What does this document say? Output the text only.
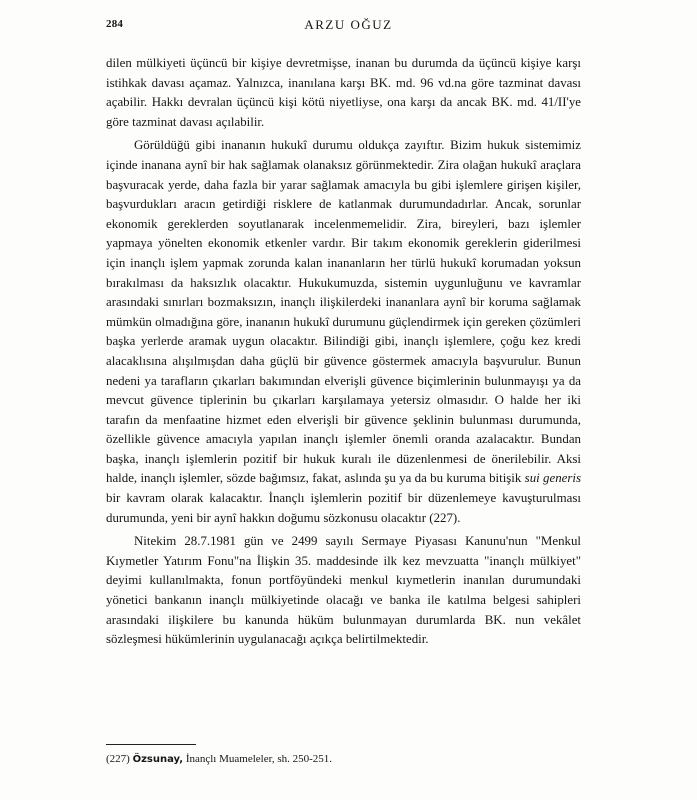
284	ARZU OĞUZ

dilen mülkiyeti üçüncü bir kişiye devretmişse, inanan bu durumda da üçüncü kişiye karşı istihkak davası açamaz. Yalnızca, inanılana karşı BK. md. 96 vd.na göre tazminat davası açabilir. Hakkı devralan üçüncü kişi kötü niyetliyse, ona karşı da ancak BK. md. 41/II'ye göre tazminat davası açılabilir.

Görüldüğü gibi inananın hukukî durumu oldukça zayıftır. Bizim hukuk sistemimiz içinde inanana aynî bir hak sağlamak olanaksız görünmektedir. Zira olağan hukukî araçlara başvuracak yerde, daha fazla bir yarar sağlamak amacıyla bu gibi işlemlere girişen kişiler, başvurdukları aracın getirdiği risklere de katlanmak durumundadırlar. Ancak, sorunlar ekonomik gereklerden soyutlanarak incelenmemelidir. Zira, bireyleri, bazı işlemler yapmaya yönelten ekonomik etkenler vardır. Bir takım ekonomik gereklerin giderilmesi için inançlı işlem yapmak zorunda kalan inananların her türlü hukukî korumadan yoksun bırakılması da haksızlık olacaktır. Hukukumuzda, sistemin uygunluğunu ve kavramlar arasındaki sınırları bozmaksızın, inançlı ilişkilerdeki inananlara aynî bir koruma sağlamak mümkün olmadığına göre, inananın hukukî durumunu güçlendirmek için gereken çözümleri başka yerlerde aramak uygun olacaktır. Bilindiği gibi, inançlı işlemlere, çoğu kez kredi alacaklısına alışılmışdan daha güçlü bir güvence göstermek amacıyla başvurulur. Bunun nedeni ya tarafların çıkarları bakımından elverişli güvence biçimlerinin bulunmayışı ya da mevcut güvence tiplerinin bu çıkarları karşılamaya yetersiz olmasıdır. O halde her iki tarafın da menfaatine hizmet eden elverişli bir güvence şeklinin bulunması durumunda, özellikle güvence amacıyla yapılan inançlı işlemler önemli oranda azalacaktır. Bundan başka, inançlı işlemlerin pozitif bir hukuk kuralı ile düzenlenmesi de önerilebilir. Aksi halde, inançlı işlemler, sözde bağımsız, fakat, aslında şu ya da bu kuruma bitişik sui generis bir kavram olarak kalacaktır. İnançlı işlemlerin pozitif bir düzenlemeye kavuşturulması durumunda, yeni bir aynî hakkın doğumu sözkonusu olacaktır (227).

Nitekim 28.7.1981 gün ve 2499 sayılı Sermaye Piyasası Kanunu'nun "Menkul Kıymetler Yatırım Fonu"na İlişkin 35. maddesinde ilk kez mevzuatta "inançlı mülkiyet" deyimi kullanılmakta, fonun portföyündeki menkul kıymetlerin inanılan durumundaki yönetici bankanın inançlı mülkiyetinde olacağı ve banka ile katılma belgesi sahipleri arasındaki ilişkilere bu kanunda hüküm bulunmayan durumlarda BK. nun vekâlet sözleşmesi hükümlerinin uygulanacağı açıkça belirtilmektedir.

(227) Özsunay, İnançlı Muameleler, sh. 250-251.
